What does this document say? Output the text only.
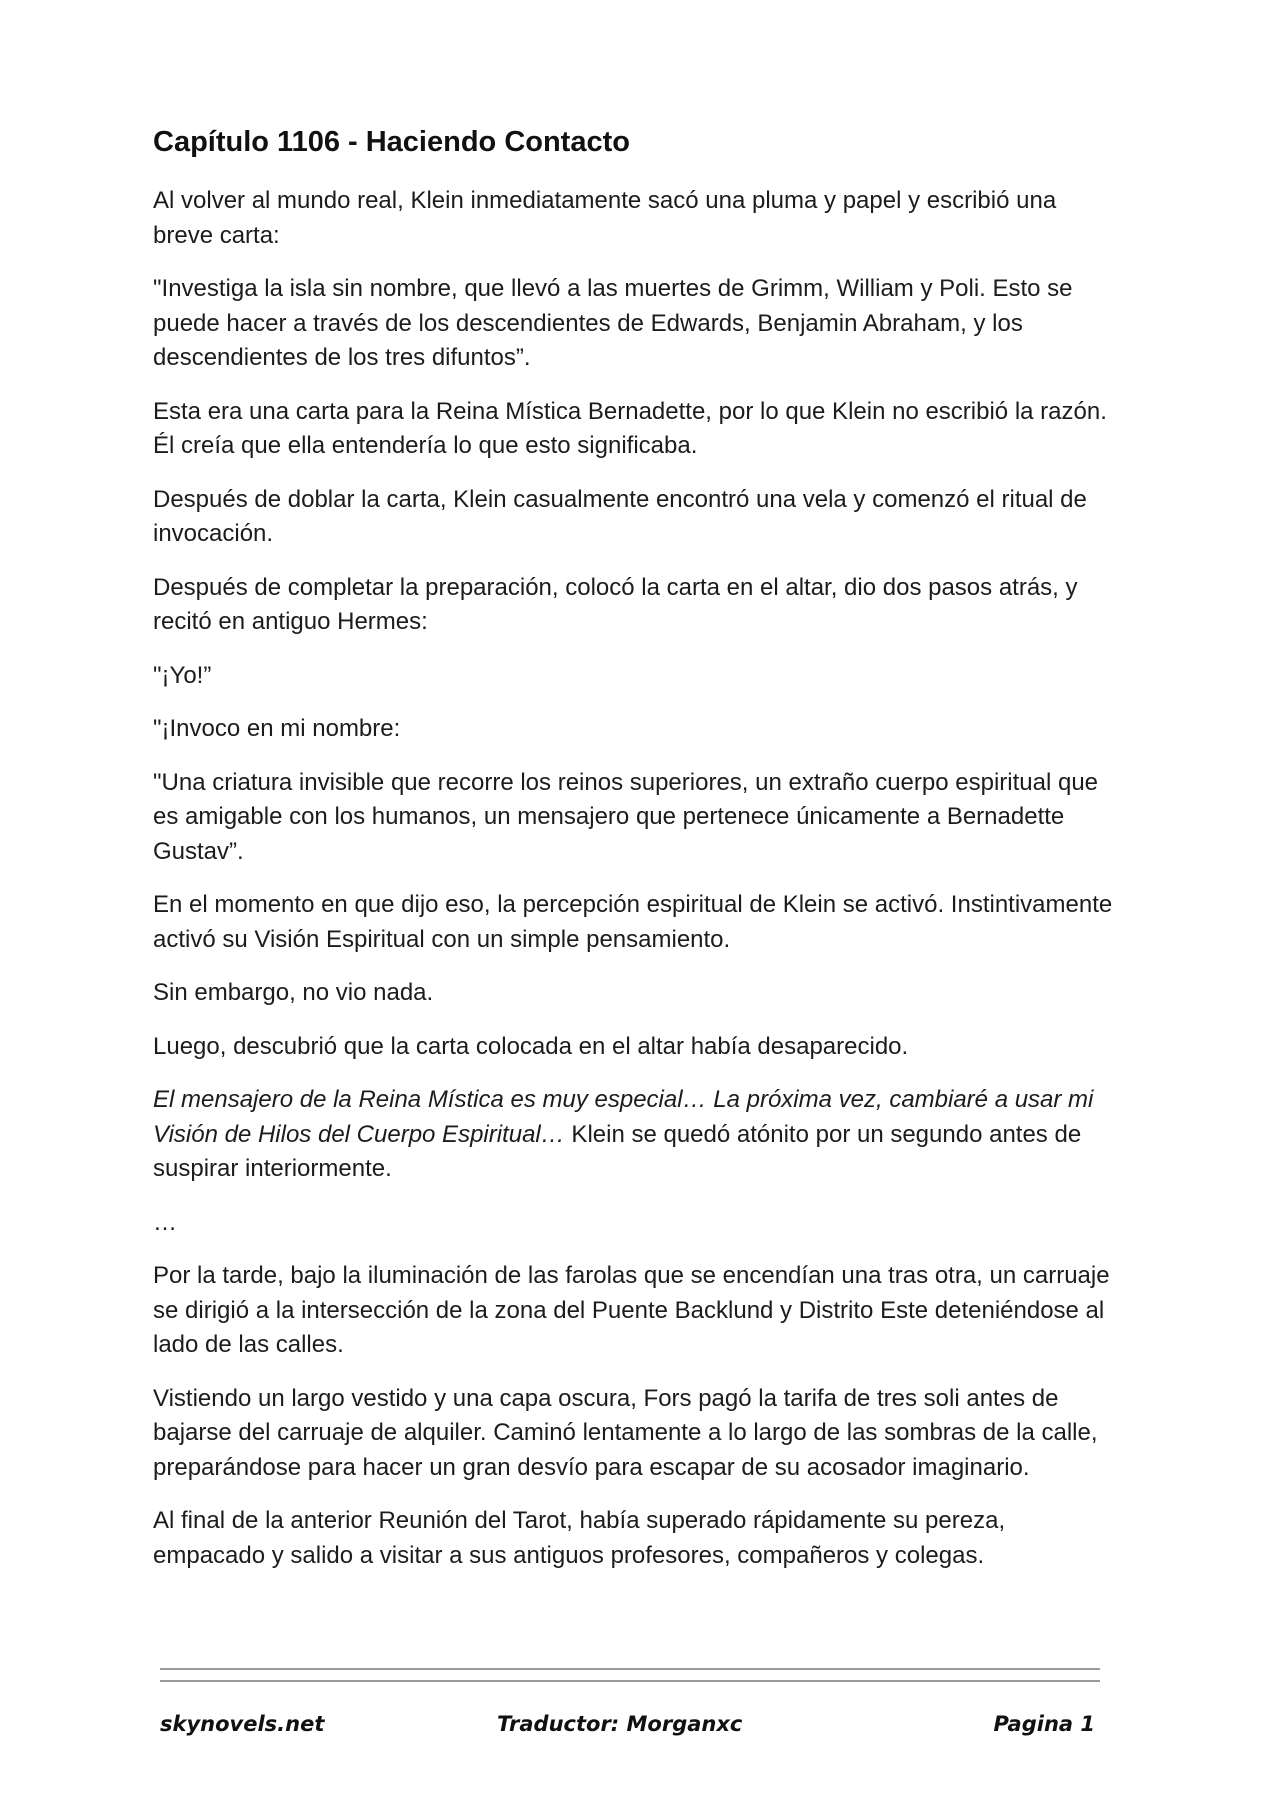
Capítulo 1106 - Haciendo Contacto

Al volver al mundo real, Klein inmediatamente sacó una pluma y papel y escribió una breve carta:

"Investiga la isla sin nombre, que llevó a las muertes de Grimm, William y Poli. Esto se puede hacer a través de los descendientes de Edwards, Benjamin Abraham, y los descendientes de los tres difuntos”.

Esta era una carta para la Reina Mística Bernadette, por lo que Klein no escribió la razón. Él creía que ella entendería lo que esto significaba.

Después de doblar la carta, Klein casualmente encontró una vela y comenzó el ritual de invocación.

Después de completar la preparación, colocó la carta en el altar, dio dos pasos atrás, y recitó en antiguo Hermes:

"¡Yo!”

"¡Invoco en mi nombre:

"Una criatura invisible que recorre los reinos superiores, un extraño cuerpo espiritual que es amigable con los humanos, un mensajero que pertenece únicamente a Bernadette Gustav”.

En el momento en que dijo eso, la percepción espiritual de Klein se activó. Instintivamente activó su Visión Espiritual con un simple pensamiento.

Sin embargo, no vio nada.

Luego, descubrió que la carta colocada en el altar había desaparecido.

El mensajero de la Reina Mística es muy especial… La próxima vez, cambiaré a usar mi Visión de Hilos del Cuerpo Espiritual… Klein se quedó atónito por un segundo antes de suspirar interiormente.

…

Por la tarde, bajo la iluminación de las farolas que se encendían una tras otra, un carruaje se dirigió a la intersección de la zona del Puente Backlund y Distrito Este deteniéndose al lado de las calles.

Vistiendo un largo vestido y una capa oscura, Fors pagó la tarifa de tres soli antes de bajarse del carruaje de alquiler. Caminó lentamente a lo largo de las sombras de la calle, preparándose para hacer un gran desvío para escapar de su acosador imaginario.

Al final de la anterior Reunión del Tarot, había superado rápidamente su pereza, empacado y salido a visitar a sus antiguos profesores, compañeros y colegas.

skynovels.net	Traductor: Morganxc	Pagina 1
